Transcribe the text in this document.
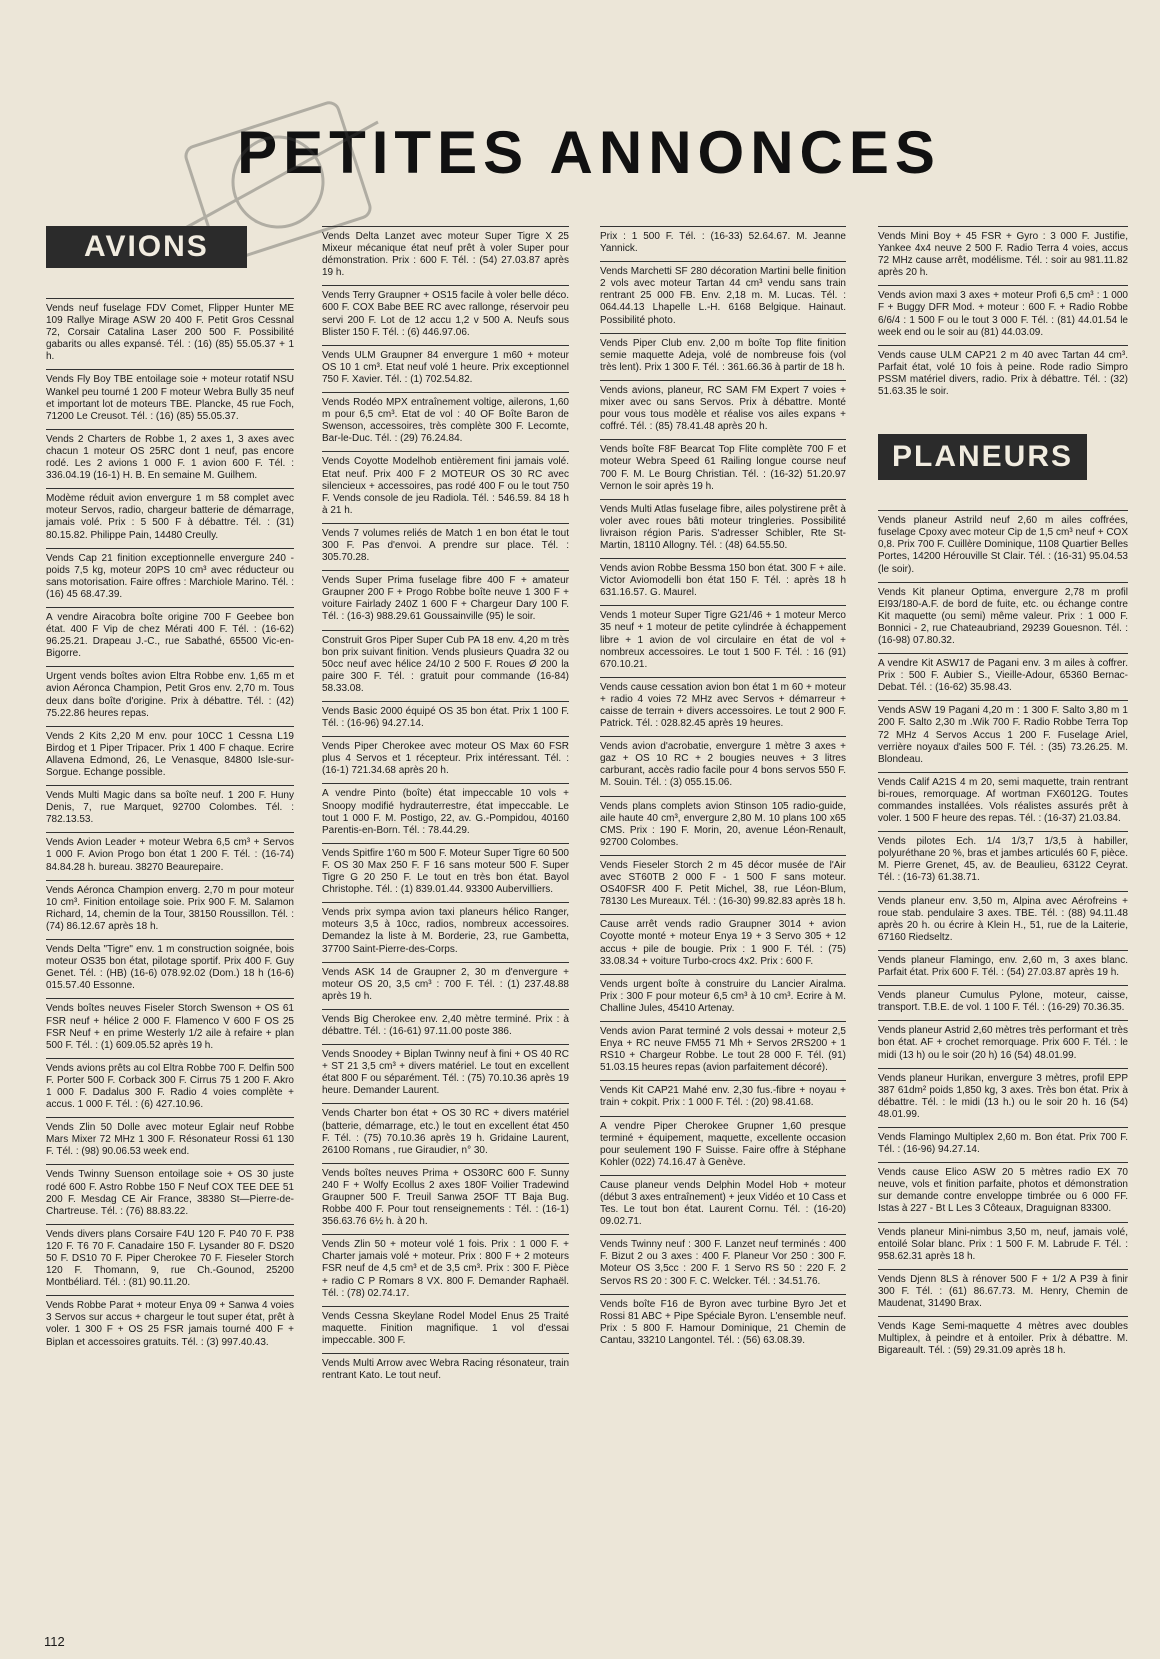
PETITES ANNONCES
AVIONS
Vends neuf fuselage FDV Comet, Flipper Hunter ME 109 Rallye Mirage ASW 20 400 F. Petit Gros Cessnal 72, Corsair Catalina Laser 200 500 F. Possibilité gabarits ou alles expansé. Tél. : (16) (85) 55.05.37 + 1 h.
Vends Fly Boy TBE entoilage soie + moteur rotatif NSU Wankel peu tourné 1 200 F moteur Webra Bully 35 neuf et important lot de moteurs TBE. Plancke, 45 rue Foch, 71200 Le Creusot. Tél. : (16) (85) 55.05.37.
Vends 2 Charters de Robbe 1, 2 axes 1, 3 axes avec chacun 1 moteur OS 25RC dont 1 neuf, pas encore rodé. Les 2 avions 1 000 F. 1 avion 600 F. Tél. : 336.04.19 (16-1) H. B. En semaine M. Guilhem.
Modème réduit avion envergure 1 m 58 complet avec moteur Servos, radio, chargeur batterie de démarrage, jamais volé. Prix : 5 500 F à débattre. Tél. : (31) 80.15.82. Philippe Pain, 14480 Creully.
Vends Cap 21 finition exceptionnelle envergure 240 - poids 7,5 kg, moteur 20PS 10 cm³ avec réducteur ou sans motorisation. Faire offres : Marchiole Marino. Tél. : (16) 45 68.47.39.
A vendre Airacobra boîte origine 700 F Geebee bon état. 400 F Vip de chez Mérati 400 F. Tél. : (16-62) 96.25.21. Drapeau J.-C., rue Sabathé, 65500 Vic-en-Bigorre.
Urgent vends boîtes avion Eltra Robbe env. 1,65 m et avion Aéronca Champion, Petit Gros env. 2,70 m. Tous deux dans boîte d'origine. Prix à débattre. Tél. : (42) 75.22.86 heures repas.
Vends 2 Kits 2,20 M env. pour 10CC 1 Cessna L19 Birdog et 1 Piper Tripacer. Prix 1 400 F chaque. Ecrire Allavena Edmond, 26, Le Venasque, 84800 Isle-sur-Sorgue. Echange possible.
Vends Multi Magic dans sa boîte neuf. 1 200 F. Huny Denis, 7, rue Marquet, 92700 Colombes. Tél. : 782.13.53.
Vends Avion Leader + moteur Webra 6,5 cm³ + Servos 1 000 F. Avion Progo bon état 1 200 F. Tél. : (16-74) 84.84.28 h. bureau. 38270 Beaurepaire.
Vends Aéronca Champion enverg. 2,70 m pour moteur 10 cm³. Finition entoilage soie. Prix 900 F. M. Salamon Richard, 14, chemin de la Tour, 38150 Roussillon. Tél. : (74) 86.12.67 après 18 h.
Vends Delta "Tigre" env. 1 m construction soignée, bois moteur OS35 bon état, pilotage sportif. Prix 400 F. Guy Genet. Tél. : (HB) (16-6) 078.92.02 (Dom.) 18 h (16-6) 015.57.40 Essonne.
Vends boîtes neuves Fiseler Storch Swenson + OS 61 FSR neuf + hélice 2 000 F. Flamenco V 600 F OS 25 FSR Neuf + en prime Westerly 1/2 aile à refaire + plan 500 F. Tél. : (1) 609.05.52 après 19 h.
Vends avions prêts au col Eltra Robbe 700 F. Delfin 500 F. Porter 500 F. Corback 300 F. Cirrus 75 1 200 F. Akro 1 000 F. Dadalus 300 F. Radio 4 voies complète + accus. 1 000 F. Tél. : (6) 427.10.96.
Vends Zlin 50 Dolle avec moteur Eglair neuf Robbe Mars Mixer 72 MHz 1 300 F. Résonateur Rossi 61 130 F. Tél. : (98) 90.06.53 week end.
Vends Twinny Suenson entoilage soie + OS 30 juste rodé 600 F. Astro Robbe 150 F Neuf COX TEE DEE 51 200 F. Mesdag CE Air France, 38380 St—Pierre-de-Chartreuse. Tél. : (76) 88.83.22.
Vends divers plans Corsaire F4U 120 F. P40 70 F. P38 120 F. T6 70 F. Canadaire 150 F. Lysander 80 F. DS20 50 F. DS10 70 F. Piper Cherokee 70 F. Fieseler Storch 120 F. Thomann, 9, rue Ch.-Gounod, 25200 Montbéliard. Tél. : (81) 90.11.20.
Vends Robbe Parat + moteur Enya 09 + Sanwa 4 voies 3 Servos sur accus + chargeur le tout super état, prêt à voler. 1 300 F + OS 25 FSR jamais tourné 400 F + Biplan et accessoires gratuits. Tél. : (3) 997.40.43.
Vends Delta Lanzet avec moteur Super Tigre X 25 Mixeur mécanique état neuf prêt à voler Super pour démonstration. Prix : 600 F. Tél. : (54) 27.03.87 après 19 h.
Vends Terry Graupner + OS15 facile à voler belle déco. 600 F. COX Babe BEE RC avec rallonge, réservoir peu servi 200 F. Lot de 12 accu 1,2 v 500 A. Neufs sous Blister 150 F. Tél. : (6) 446.97.06.
Vends ULM Graupner 84 envergure 1 m60 + moteur OS 10 1 cm³. Etat neuf volé 1 heure. Prix exceptionnel 750 F. Xavier. Tél. : (1) 702.54.82.
Vends Rodéo MPX entraînement voltige, ailerons, 1,60 m pour 6,5 cm³. Etat de vol : 40 OF Boîte Baron de Swenson, accessoires, très complète 300 F. Lecomte, Bar-le-Duc. Tél. : (29) 76.24.84.
Vends Coyotte Modelhob entièrement fini jamais volé. Etat neuf. Prix 400 F 2 MOTEUR OS 30 RC avec silencieux + accessoires, pas rodé 400 F ou le tout 750 F. Vends console de jeu Radiola. Tél. : 546.59. 84 18 h à 21 h.
Vends 7 volumes reliés de Match 1 en bon état le tout 300 F. Pas d'envoi. A prendre sur place. Tél. : 305.70.28.
Vends Super Prima fuselage fibre 400 F + amateur Graupner 200 F + Progo Robbe boîte neuve 1 300 F + voiture Fairlady 240Z 1 600 F + Chargeur Dary 100 F. Tél. : (16-3) 988.29.61 Goussainville (95) le soir.
Construit Gros Piper Super Cub PA 18 env. 4,20 m très bon prix suivant finition. Vends plusieurs Quadra 32 ou 50cc neuf avec hélice 24/10 2 500 F. Roues Ø 200 la paire 300 F. Tél. : gratuit pour commande (16-84) 58.33.08.
Vends Basic 2000 équipé OS 35 bon état. Prix 1 100 F. Tél. : (16-96) 94.27.14.
Vends Piper Cherokee avec moteur OS Max 60 FSR plus 4 Servos et 1 récepteur. Prix intéressant. Tél. : (16-1) 721.34.68 après 20 h.
A vendre Pinto (boîte) état impeccable 10 vols + Snoopy modifié hydrauterrestre, état impeccable. Le tout 1 000 F. M. Postigo, 22, av. G.-Pompidou, 40160 Parentis-en-Born. Tél. : 78.44.29.
Vends Spitfire 1'60 m 500 F. Moteur Super Tigre 60 500 F. OS 30 Max 250 F. F 16 sans moteur 500 F. Super Tigre G 20 250 F. Le tout en très bon état. Bayol Christophe. Tél. : (1) 839.01.44. 93300 Aubervilliers.
Vends prix sympa avion taxi planeurs hélico Ranger, moteurs 3,5 à 10cc, radios, nombreux accessoires. Demandez la liste à M. Borderie, 23, rue Gambetta, 37700 Saint-Pierre-des-Corps.
Vends ASK 14 de Graupner 2, 30 m d'envergure + moteur OS 20, 3,5 cm³ : 700 F. Tél. : (1) 237.48.88 après 19 h.
Vends Big Cherokee env. 2,40 mètre terminé. Prix : à débattre. Tél. : (16-61) 97.11.00 poste 386.
Vends Snoodey + Biplan Twinny neuf à fini + OS 40 RC + ST 21 3,5 cm³ + divers matériel. Le tout en excellent état 800 F ou séparément. Tél. : (75) 70.10.36 après 19 heure. Demander Laurent.
Vends Charter bon état + OS 30 RC + divers matériel (batterie, démarrage, etc.) le tout en excellent état 450 F. Tél. : (75) 70.10.36 après 19 h. Gridaine Laurent, 26100 Romans , rue Giraudier, n° 30.
Vends boîtes neuves Prima + OS30RC 600 F. Sunny 240 F + Wolfy Ecollus 2 axes 180F Voilier Tradewind Graupner 500 F. Treuil Sanwa 25OF TT Baja Bug. Robbe 400 F. Pour tout renseignements : Tél. : (16-1) 356.63.76 6½ h. à 20 h.
Vends Zlin 50 + moteur volé 1 fois. Prix : 1 000 F. + Charter jamais volé + moteur. Prix : 800 F + 2 moteurs FSR neuf de 4,5 cm³ et de 3,5 cm³. Prix : 300 F. Pièce + radio C P Romars 8 VX. 800 F. Demander Raphaël. Tél. : (78) 02.74.17.
Vends Cessna Skeylane Rodel Model Enus 25 Traité maquette. Finition magnifique. 1 vol d'essai impeccable. 300 F.
Vends Multi Arrow avec Webra Racing résonateur, train rentrant Kato. Le tout neuf.
Prix : 1 500 F. Tél. : (16-33) 52.64.67. M. Jeanne Yannick.
Vends Marchetti SF 280 décoration Martini belle finition 2 vols avec moteur Tartan 44 cm³ vendu sans train rentrant 25 000 FB. Env. 2,18 m. M. Lucas. Tél. : 064.44.13 Lhapelle L.-H. 6168 Belgique. Hainaut. Possibilité photo.
Vends Piper Club env. 2,00 m boîte Top flite finition semie maquette Adeja, volé de nombreuse fois (vol très lent). Prix 1 300 F. Tél. : 361.66.36 à partir de 18 h.
Vends avions, planeur, RC SAM FM Expert 7 voies + mixer avec ou sans Servos. Prix à débattre. Monté pour vous tous modèle et réalise vos ailes expans + coffré. Tél. : (85) 78.41.48 après 20 h.
Vends boîte F8F Bearcat Top Flite complète 700 F et moteur Webra Speed 61 Railing longue course neuf 700 F. M. Le Bourg Christian. Tél. : (16-32) 51.20.97 Vernon le soir après 19 h.
Vends Multi Atlas fuselage fibre, ailes polystirene prêt à voler avec roues bâti moteur tringleries. Possibilité livraison région Paris. S'adresser Schibler, Rte St-Martin, 18110 Allogny. Tél. : (48) 64.55.50.
Vends avion Robbe Bessma 150 bon état. 300 F + aile. Victor Aviomodelli bon état 150 F. Tél. : après 18 h 631.16.57. G. Maurel.
Vends 1 moteur Super Tigre G21/46 + 1 moteur Merco 35 neuf + 1 moteur de petite cylindrée à échappement libre + 1 avion de vol circulaire en état de vol + nombreux accessoires. Le tout 1 500 F. Tél. : 16 (91) 670.10.21.
Vends cause cessation avion bon état 1 m 60 + moteur + radio 4 voies 72 MHz avec Servos + démarreur + caisse de terrain + divers accessoires. Le tout 2 900 F. Patrick. Tél. : 028.82.45 après 19 heures.
Vends avion d'acrobatie, envergure 1 mètre 3 axes + gaz + OS 10 RC + 2 bougies neuves + 3 litres carburant, accès radio facile pour 4 bons servos 550 F. M. Souin. Tél. : (3) 055.15.06.
Vends plans complets avion Stinson 105 radio-guide, aile haute 40 cm³, envergure 2,80 M. 10 plans 100 x65 CMS. Prix : 190 F. Morin, 20, avenue Léon-Renault, 92700 Colombes.
Vends Fieseler Storch 2 m 45 décor musée de l'Air avec ST60TB 2 000 F - 1 500 F sans moteur. OS40FSR 400 F. Petit Michel, 38, rue Léon-Blum, 78130 Les Mureaux. Tél. : (16-30) 99.82.83 après 18 h.
Cause arrêt vends radio Graupner 3014 + avion Coyotte monté + moteur Enya 19 + 3 Servo 305 + 12 accus + pile de bougie. Prix : 1 900 F. Tél. : (75) 33.08.34 + voiture Turbo-crocs 4x2. Prix : 600 F.
Vends urgent boîte à construire du Lancier Airalma. Prix : 300 F pour moteur 6,5 cm³ à 10 cm³. Ecrire à M. Challine Jules, 45410 Artenay.
Vends avion Parat terminé 2 vols dessai + moteur 2,5 Enya + RC neuve FM55 71 Mh + Servos 2RS200 + 1 RS10 + Chargeur Robbe. Le tout 28 000 F. Tél. (91) 51.03.15 heures repas (avion parfaitement décoré).
Vends Kit CAP21 Mahé env. 2,30 fus.-fibre + noyau + train + cokpit. Prix : 1 000 F. Tél. : (20) 98.41.68.
A vendre Piper Cherokee Grupner 1,60 presque terminé + équipement, maquette, excellente occasion pour seulement 190 F Suisse. Faire offre à Stéphane Kohler (022) 74.16.47 à Genève.
Cause planeur vends Delphin Model Hob + moteur (début 3 axes entraînement) + jeux Vidéo et 10 Cass et Tes. Le tout bon état. Laurent Cornu. Tél. : (16-20) 09.02.71.
Vends Twinny neuf : 300 F. Lanzet neuf terminés : 400 F. Bizut 2 ou 3 axes : 400 F. Planeur Vor 250 : 300 F. Moteur OS 3,5cc : 200 F. 1 Servo RS 50 : 220 F. 2 Servos RS 20 : 300 F. C. Welcker. Tél. : 34.51.76.
Vends boîte F16 de Byron avec turbine Byro Jet et Rossi 81 ABC + Pipe Spéciale Byron. L'ensemble neuf. Prix : 5 800 F. Hamour Dominique, 21 Chemin de Cantau, 33210 Langontel. Tél. : (56) 63.08.39.
Vends Mini Boy + 45 FSR + Gyro : 3 000 F. Justifie, Yankee 4x4 neuve 2 500 F. Radio Terra 4 voies, accus 72 MHz cause arrêt, modélisme. Tél. : soir au 981.11.82 après 20 h.
Vends avion maxi 3 axes + moteur Profi 6,5 cm³ : 1 000 F + Buggy DFR Mod. + moteur : 600 F. + Radio Robbe 6/6/4 : 1 500 F ou le tout 3 000 F. Tél. : (81) 44.01.54 le week end ou le soir au (81) 44.03.09.
Vends cause ULM CAP21 2 m 40 avec Tartan 44 cm³. Parfait état, volé 10 fois à peine. Rode radio Simpro PSSM matériel divers, radio. Prix à débattre. Tél. : (32) 51.63.35 le soir.
PLANEURS
Vends planeur Astrild neuf 2,60 m ailes coffrées, fuselage Cpoxy avec moteur Cip de 1,5 cm³ neuf + COX 0,8. Prix 700 F. Cuillère Dominique, 1108 Quartier Belles Portes, 14200 Hérouville St Clair. Tél. : (16-31) 95.04.53 (le soir).
Vends Kit planeur Optima, envergure 2,78 m profil EI93/180-A.F. de bord de fuite, etc. ou échange contre Kit maquette (ou semi) même valeur. Prix : 1 000 F. Bonnici - 2, rue Chateaubriand, 29239 Gouesnon. Tél. : (16-98) 07.80.32.
A vendre Kit ASW17 de Pagani env. 3 m ailes à coffrer. Prix : 500 F. Aubier S., Vieille-Adour, 65360 Bernac-Debat. Tél. : (16-62) 35.98.43.
Vends ASW 19 Pagani 4,20 m : 1 300 F. Salto 3,80 m 1 200 F. Salto 2,30 m .Wik 700 F. Radio Robbe Terra Top 72 MHz 4 Servos Accus 1 200 F. Fuselage Ariel, verrière noyaux d'ailes 500 F. Tél. : (35) 73.26.25. M. Blondeau.
Vends Calif A21S 4 m 20, semi maquette, train rentrant bi-roues, remorquage. Af wortman FX6012G. Toutes commandes installées. Vols réalistes assurés prêt à voler. 1 500 F heure des repas. Tél. : (16-37) 21.03.84.
Vends pilotes Ech. 1/4 1/3,7 1/3,5 à habiller, polyuréthane 20 %, bras et jambes articulés 60 F, pièce. M. Pierre Grenet, 45, av. de Beaulieu, 63122 Ceyrat. Tél. : (16-73) 61.38.71.
Vends planeur env. 3,50 m, Alpina avec Aérofreins + roue stab. pendulaire 3 axes. TBE. Tél. : (88) 94.11.48 après 20 h. ou écrire à Klein H., 51, rue de la Laiterie, 67160 Riedseltz.
Vends planeur Flamingo, env. 2,60 m, 3 axes blanc. Parfait état. Prix 600 F. Tél. : (54) 27.03.87 après 19 h.
Vends planeur Cumulus Pylone, moteur, caisse, transport. T.B.E. de vol. 1 100 F. Tél. : (16-29) 70.36.35.
Vends planeur Astrid 2,60 mètres très performant et très bon état. AF + crochet remorquage. Prix 600 F. Tél. : le midi (13 h) ou le soir (20 h) 16 (54) 48.01.99.
Vends planeur Hurikan, envergure 3 mètres, profil EPP 387 61dm² poids 1,850 kg, 3 axes. Très bon état. Prix à débattre. Tél. : le midi (13 h.) ou le soir 20 h. 16 (54) 48.01.99.
Vends Flamingo Multiplex 2,60 m. Bon état. Prix 700 F. Tél. : (16-96) 94.27.14.
Vends cause Elico ASW 20 5 mètres radio EX 70 neuve, vols et finition parfaite, photos et démonstration sur demande contre enveloppe timbrée ou 6 000 FF. Istas à 227 - Bt L Les 3 Côteaux, Draguignan 83300.
Vends planeur Mini-nimbus 3,50 m, neuf, jamais volé, entoilé Solar blanc. Prix : 1 500 F. M. Labrude F. Tél. : 958.62.31 après 18 h.
Vends Djenn 8LS à rénover 500 F + 1/2 A P39 à finir 300 F. Tél. : (61) 86.67.73. M. Henry, Chemin de Maudenat, 31490 Brax.
Vends Kage Semi-maquette 4 mètres avec doubles Multiplex, à peindre et à entoiler. Prix à débattre. M. Bigareault. Tél. : (59) 29.31.09 après 18 h.
112
